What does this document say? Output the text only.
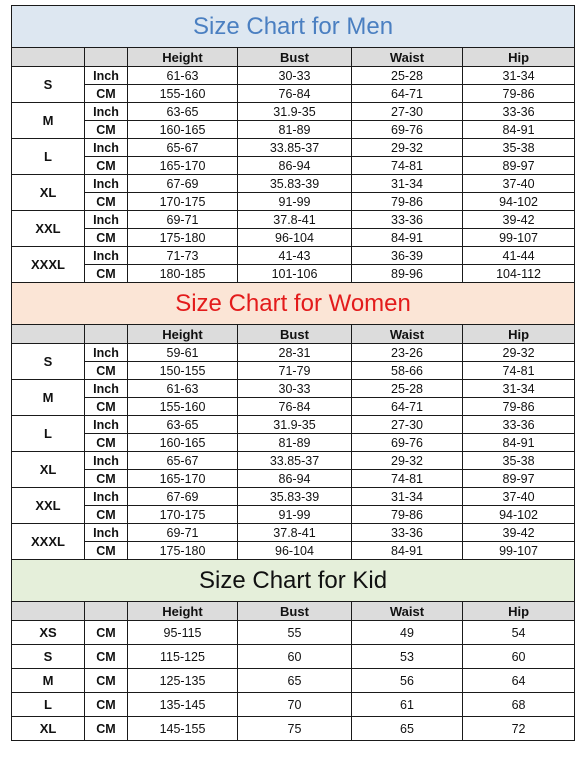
Size Chart for Men					
		Height	Bust	Waist	Hip
S	Inch	61-63	30-33	25-28	31-34
	CM	155-160	76-84	64-71	79-86
M	Inch	63-65	31.9-35	27-30	33-36
	CM	160-165	81-89	69-76	84-91
L	Inch	65-67	33.85-37	29-32	35-38
	CM	165-170	86-94	74-81	89-97
XL	Inch	67-69	35.83-39	31-34	37-40
	CM	170-175	91-99	79-86	94-102
XXL	Inch	69-71	37.8-41	33-36	39-42
	CM	175-180	96-104	84-91	99-107
XXXL	Inch	71-73	41-43	36-39	41-44
	CM	180-185	101-106	89-96	104-112
Size Chart for Women					
		Height	Bust	Waist	Hip
S	Inch	59-61	28-31	23-26	29-32
	CM	150-155	71-79	58-66	74-81
M	Inch	61-63	30-33	25-28	31-34
	CM	155-160	76-84	64-71	79-86
L	Inch	63-65	31.9-35	27-30	33-36
	CM	160-165	81-89	69-76	84-91
XL	Inch	65-67	33.85-37	29-32	35-38
	CM	165-170	86-94	74-81	89-97
XXL	Inch	67-69	35.83-39	31-34	37-40
	CM	170-175	91-99	79-86	94-102
XXXL	Inch	69-71	37.8-41	33-36	39-42
	CM	175-180	96-104	84-91	99-107
Size Chart for Kid					
		Height	Bust	Waist	Hip
XS	CM	95-115	55	49	54
S	CM	115-125	60	53	60
M	CM	125-135	65	56	64
L	CM	135-145	70	61	68
XL	CM	145-155	75	65	72
